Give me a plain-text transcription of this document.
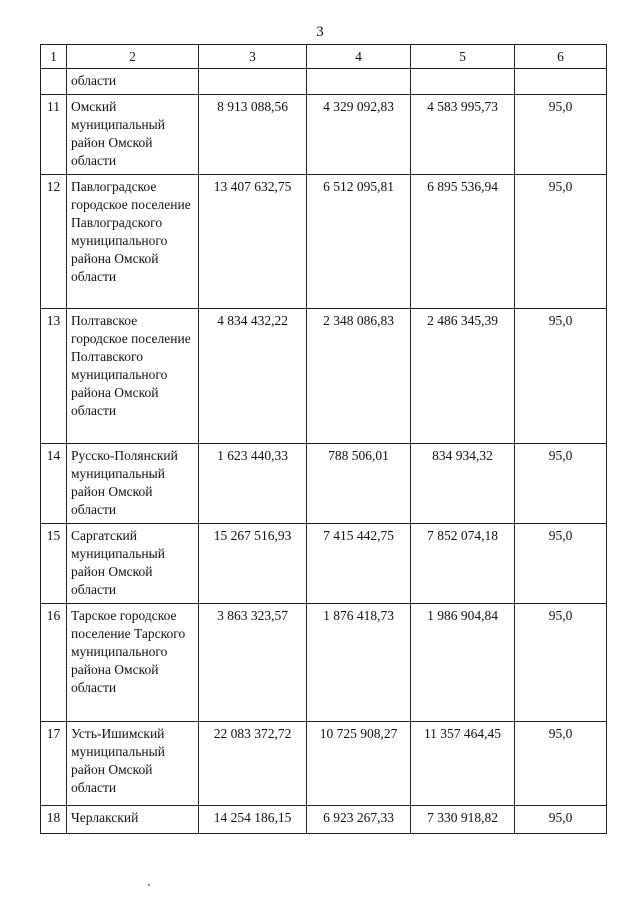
3
1	2	3	4	5	6
	области				
11	Омский муниципальный район Омской области	8 913 088,56	4 329 092,83	4 583 995,73	95,0
12	Павлоградское городское поселение Павлоградского муниципального района Омской области	13 407 632,75	6 512 095,81	6 895 536,94	95,0
13	Полтавское городское поселение Полтавского муниципального района Омской области	4 834 432,22	2 348 086,83	2 486 345,39	95,0
14	Русско-Полянский муниципальный район Омской области	1 623 440,33	788 506,01	834 934,32	95,0
15	Саргатский муниципальный район Омской области	15 267 516,93	7 415 442,75	7 852 074,18	95,0
16	Тарское городское поселение Тарского муниципального района Омской области	3 863 323,57	1 876 418,73	1 986 904,84	95,0
17	Усть-Ишимский муниципальный район Омской области	22 083 372,72	10 725 908,27	11 357 464,45	95,0
18	Черлакский	14 254 186,15	6 923 267,33	7 330 918,82	95,0
